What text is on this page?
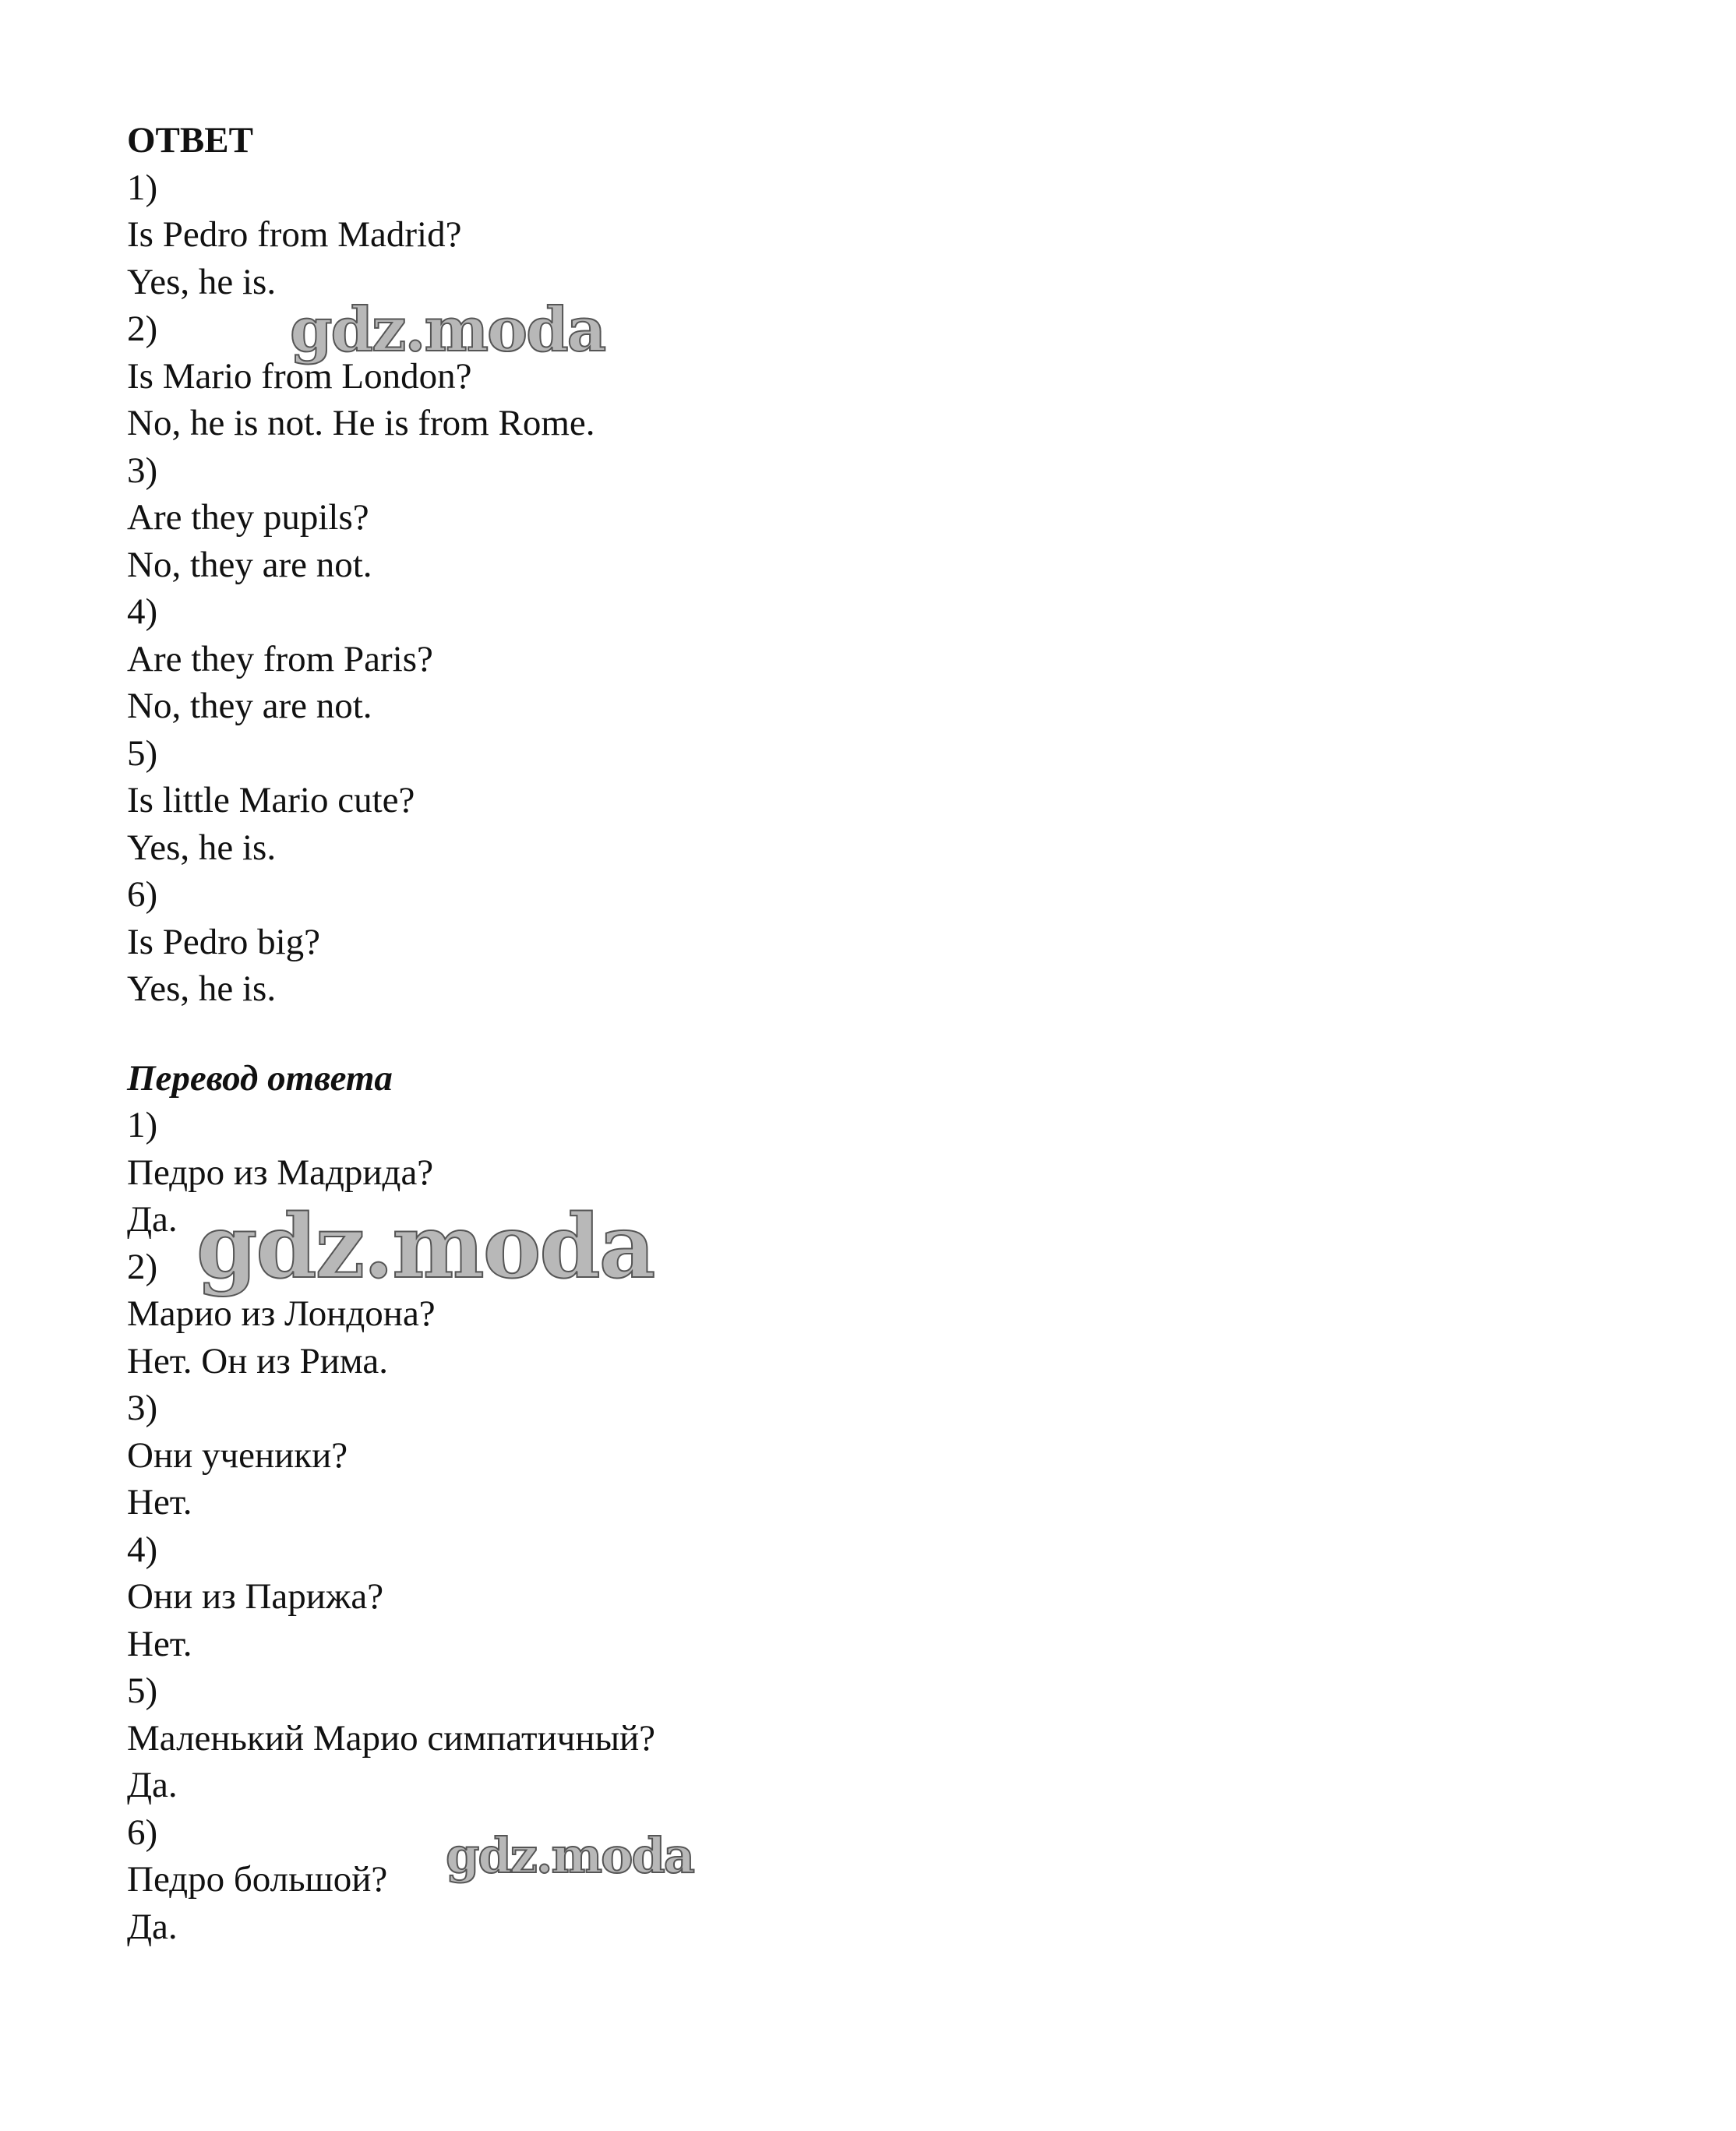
ОТВЕТ
1)
Is Pedro from Madrid?
Yes, he is.
2)
Is Mario from London?
No, he is not. He is from Rome.
3)
Are they pupils?
No, they are not.
4)
Are they from Paris?
No, they are not.
5)
Is little Mario cute?
Yes, he is.
6)
Is Pedro big?
Yes, he is.
Перевод ответа
1)
Педро из Мадрида?
Да.
2)
Марио из Лондона?
Нет. Он из Рима.
3)
Они ученики?
Нет.
4)
Они из Парижа?
Нет.
5)
Маленький Марио симпатичный?
Да.
6)
Педро большой?
Да.
gdz.moda
gdz.moda
gdz.moda
